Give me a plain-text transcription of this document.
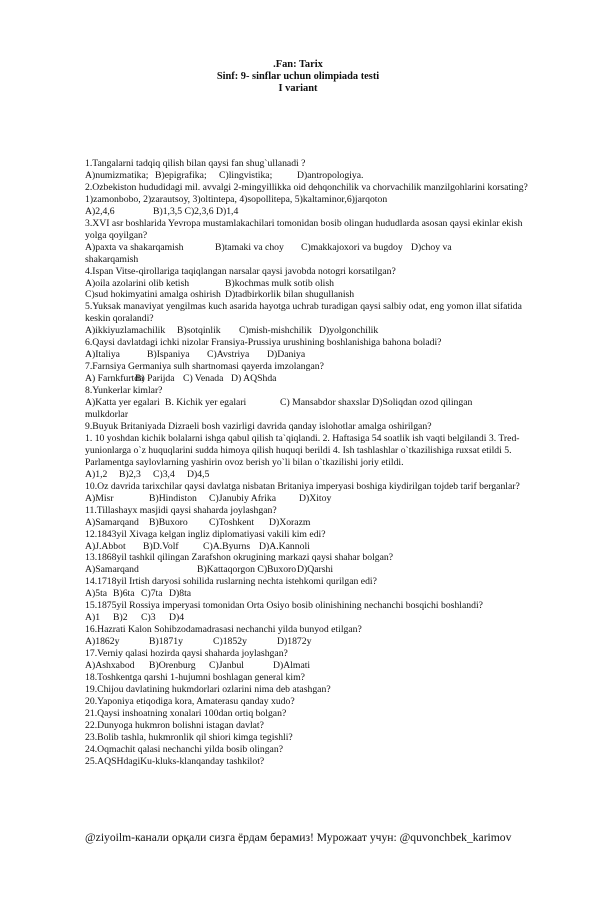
.Fan: Tarix
Sinf: 9- sinflar uchun olimpiada testi
I variant
1.Tangalarni tadqiq qilish bilan qaysi fan shug`ullanadi ?
A)numizmatika; B)epigrafika; C)lingvistika;	D)antropologiya.
2.Ozbekiston hududidagi mil. avvalgi 2-mingyillikka oid dehqonchilik va chorvachilik manzilgohlarini korsating?
1)zamonbobo, 2)zarautsoy, 3)oltintepa, 4)sopollitepa, 5)kaltaminor,6)jarqoton
A)2,4,6	B)1,3,5 C)2,3,6 D)1,4
3.XVI asr boshlarida Yevropa mustamlakachilari tomonidan bosib olingan hududlarda asosan qaysi ekinlar ekish yolga qoyilgan?
A)paxta va shakarqamish	B)tamaki va choy C)makkajoxori va bugdoy D)choy va
shakarqamish
4.Ispan Vitse-qirollariga taqiqlangan narsalar qaysi javobda notogri korsatilgan?
A)oila azolarini olib ketish	B)kochmas mulk sotib olish
C)sud hokimyatini amalga oshirish D)tadbirkorlik bilan shugullanish
5.Yuksak manaviyat yengilmas kuch asarida hayotga uchrab turadigan qaysi salbiy odat, eng yomon illat sifatida keskin qoralandi?
A)ikkiyuzlamachilik B)sotqinlik C)mish-mishchilik D)yolgonchilik
6.Qaysi davlatdagi ichki nizolar Fransiya-Prussiya urushining boshlanishiga bahona boladi?
A)Italiya	B)Ispaniya C)Avstriya D)Daniya
7.Farnsiya Germaniya sulh shartnomasi qayerda imzolangan?
A) FarnkfurtdaB) Parijda C) Venada D) AQShda
8.Yunkerlar kimlar?
A)Katta yer egalari B. Kichik yer egalari	C) Mansabdor shaxslar D)Soliqdan ozod qilingan
mulkdorlar
9.Buyuk Britaniyada Dizraeli bosh vazirligi davrida qanday islohotlar amalga oshirilgan?
1. 10 yoshdan kichik bolalarni ishga qabul qilish ta`qiqlandi. 2. Haftasiga 54 soatlik ish vaqti belgilandi 3. Tred- yunionlarga o`z huquqlarini sudda himoya qilish huquqi berildi 4. Ish tashlashlar o`tkazilishiga ruxsat etildi 5. Parlamentga saylovlarning yashirin ovoz berish yo`li bilan o`tkazilishi joriy etildi.
A)1,2 B)2,3 C)3,4 D)4,5
10.Oz davrida tarixchilar qaysi davlatga nisbatan Britaniya imperyasi boshiga kiydirilgan tojdeb tarif berganlar?
A)Misr	B)Hindiston C)Janubiy Afrika D)Xitoy
11.Tillashayx masjidi qaysi shaharda joylashgan?
A)Samarqand B)Buxoro C)Toshkent D)Xorazm
12.1843yil Xivaga kelgan ingliz diplomatiyasi vakili kim edi?
A)J.Abbot B)D.Volf	C)A.Byurns D)A.Kannoli
13.1868yil tashkil qilingan Zarafshon okrugining markazi qaysi shahar bolgan?
A)Samarqand	B)Kattaqorgon C)BuxoroD)Qarshi
14.1718yil Irtish daryosi sohilida ruslarning nechta istehkomi qurilgan edi?
A)5ta B)6ta C)7ta D)8ta
15.1875yil Rossiya imperyasi tomonidan Orta Osiyo bosib olinishining nechanchi bosqichi boshlandi?
A)1 B)2 C)3 D)4
16.Hazrati Kalon Sohibzodamadrasasi nechanchi yilda bunyod etilgan?
A)1862y	B)1871y	C)1852y	D)1872y
17.Verniy qalasi hozirda qaysi shaharda joylashgan?
A)Ashxabod B)Orenburg C)Janbul	D)Almati
18.Toshkentga qarshi 1-hujumni boshlagan general kim?
19.Chijou davlatining hukmdorlari ozlarini nima deb atashgan?
20.Yaponiya etiqodiga kora, Amaterasu qanday xudo?
21.Qaysi inshoatning xonalari 100dan ortiq bolgan?
22.Dunyoga hukmron bolishni istagan davlat?
23.Bolib tashla, hukmronlik qil shiori kimga tegishli?
24.Oqmachit qalasi nechanchi yilda bosib olingan?
25.AQSHdagiKu-kluks-klanqanday tashkilot?
@ziyoilm-канали орқали сизга ёрдам берамиз! Мурожаат учун: @quvonchbek_karimov
